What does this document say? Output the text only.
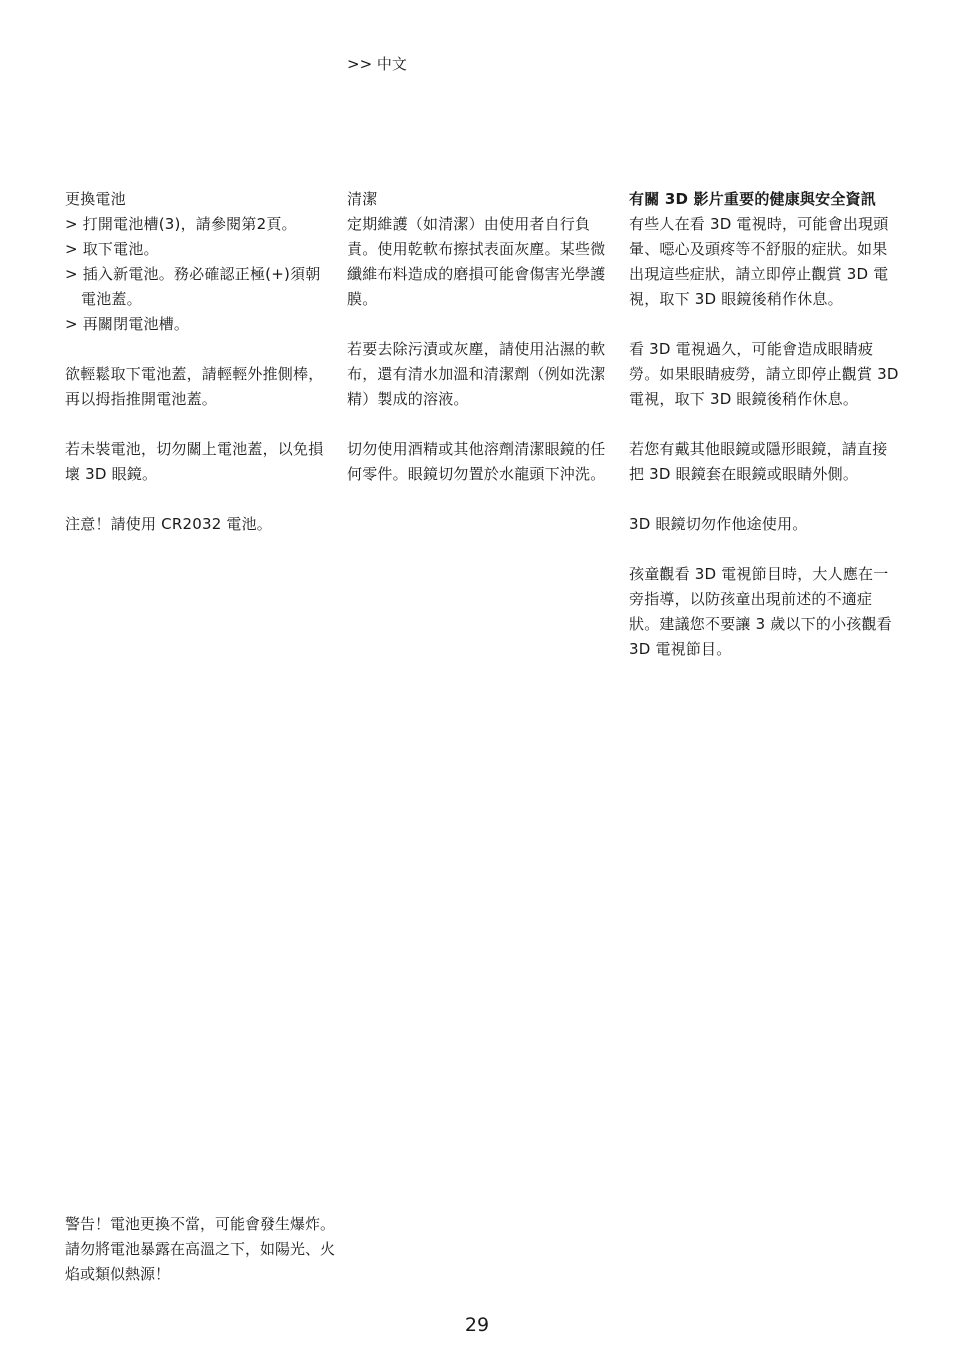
>> 中文
更換電池
> 打開電池槽(3)，請參閱第2頁。
> 取下電池。
> 插入新電池。務必確認正極(+)須朝電池蓋。
> 再關閉電池槽。

欲輕鬆取下電池蓋，請輕輕外推側棒，再以拇指推開電池蓋。

若未裝電池，切勿關上電池蓋，以免損壞 3D 眼鏡。

注意！請使用 CR2032 電池。

清潔

定期維護（如清潔）由使用者自行負責。使用乾軟布擦拭表面灰塵。某些微纖維布料造成的磨損可能會傷害光學護膜。

若要去除污漬或灰塵，請使用沾濕的軟布，還有清水加溫和清潔劑（例如洗潔精）製成的溶液。

切勿使用酒精或其他溶劑清潔眼鏡的任何零件。眼鏡切勿置於水龍頭下沖洗。

有關 3D 影片重要的健康與安全資訊

有些人在看 3D 電視時，可能會出現頭暈、噁心及頭疼等不舒服的症狀。如果出現這些症狀，請立即停止觀賞 3D 電視，取下 3D 眼鏡後稍作休息。

看 3D 電視過久，可能會造成眼睛疲勞。如果眼睛疲勞，請立即停止觀賞 3D 電視，取下 3D 眼鏡後稍作休息。

若您有戴其他眼鏡或隱形眼鏡，請直接把 3D 眼鏡套在眼鏡或眼睛外側。

3D 眼鏡切勿作他途使用。

孩童觀看 3D 電視節目時，大人應在一旁指導，以防孩童出現前述的不適症狀。建議您不要讓 3 歲以下的小孩觀看 3D 電視節目。

警告！電池更換不當，可能會發生爆炸。請勿將電池暴露在高溫之下，如陽光、火焰或類似熱源！

29
